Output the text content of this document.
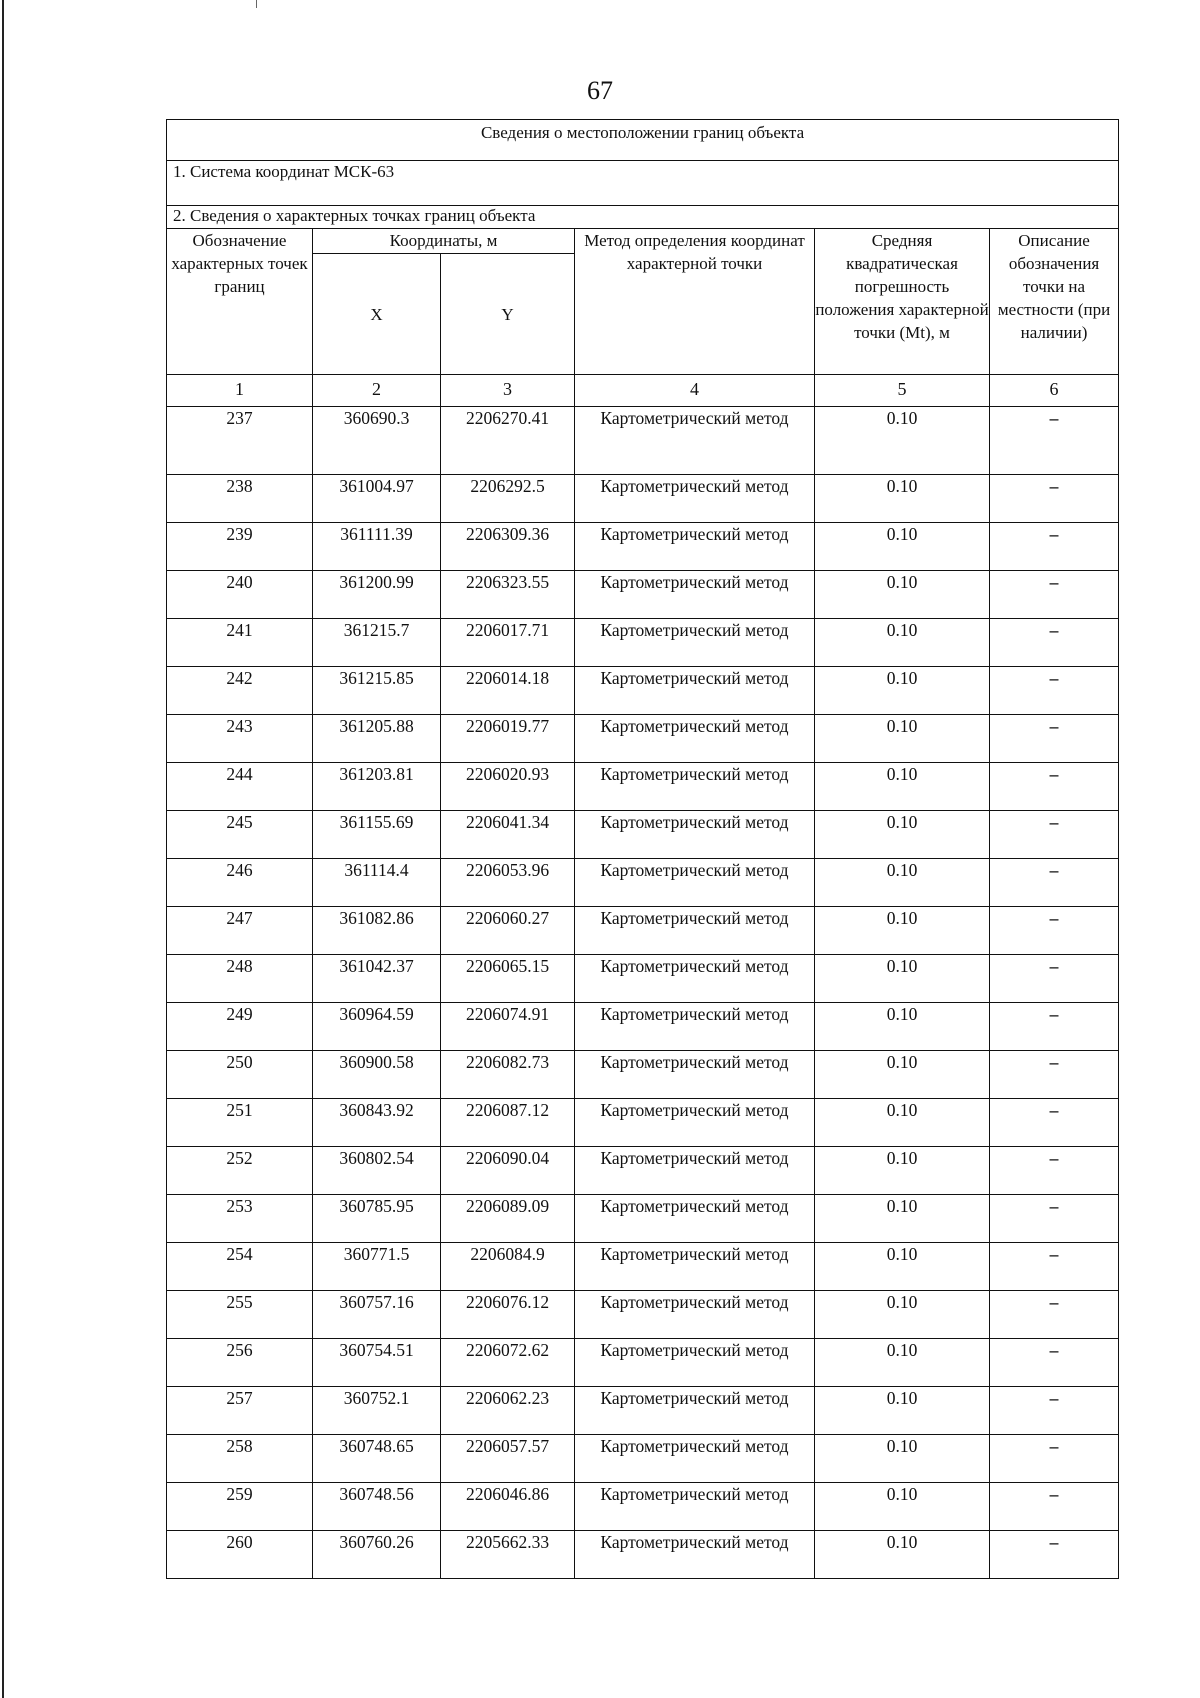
67
Сведения о местоположении границ объекта					
1. Система координат МСК-63					
2. Сведения о характерных точках границ объекта					
Обозначение характерных точек границ	Координаты, м		Метод определения координат характерной точки	Средняя квадратическая погрешность положения характерной точки (Mt), м	Описание обозначения точки на местности (при наличии)
	X	Y			
1	2	3	4	5	6
237	360690.3	2206270.41	Картометрический метод	0.10	–
238	361004.97	2206292.5	Картометрический метод	0.10	–
239	361111.39	2206309.36	Картометрический метод	0.10	–
240	361200.99	2206323.55	Картометрический метод	0.10	–
241	361215.7	2206017.71	Картометрический метод	0.10	–
242	361215.85	2206014.18	Картометрический метод	0.10	–
243	361205.88	2206019.77	Картометрический метод	0.10	–
244	361203.81	2206020.93	Картометрический метод	0.10	–
245	361155.69	2206041.34	Картометрический метод	0.10	–
246	361114.4	2206053.96	Картометрический метод	0.10	–
247	361082.86	2206060.27	Картометрический метод	0.10	–
248	361042.37	2206065.15	Картометрический метод	0.10	–
249	360964.59	2206074.91	Картометрический метод	0.10	–
250	360900.58	2206082.73	Картометрический метод	0.10	–
251	360843.92	2206087.12	Картометрический метод	0.10	–
252	360802.54	2206090.04	Картометрический метод	0.10	–
253	360785.95	2206089.09	Картометрический метод	0.10	–
254	360771.5	2206084.9	Картометрический метод	0.10	–
255	360757.16	2206076.12	Картометрический метод	0.10	–
256	360754.51	2206072.62	Картометрический метод	0.10	–
257	360752.1	2206062.23	Картометрический метод	0.10	–
258	360748.65	2206057.57	Картометрический метод	0.10	–
259	360748.56	2206046.86	Картометрический метод	0.10	–
260	360760.26	2205662.33	Картометрический метод	0.10	–
